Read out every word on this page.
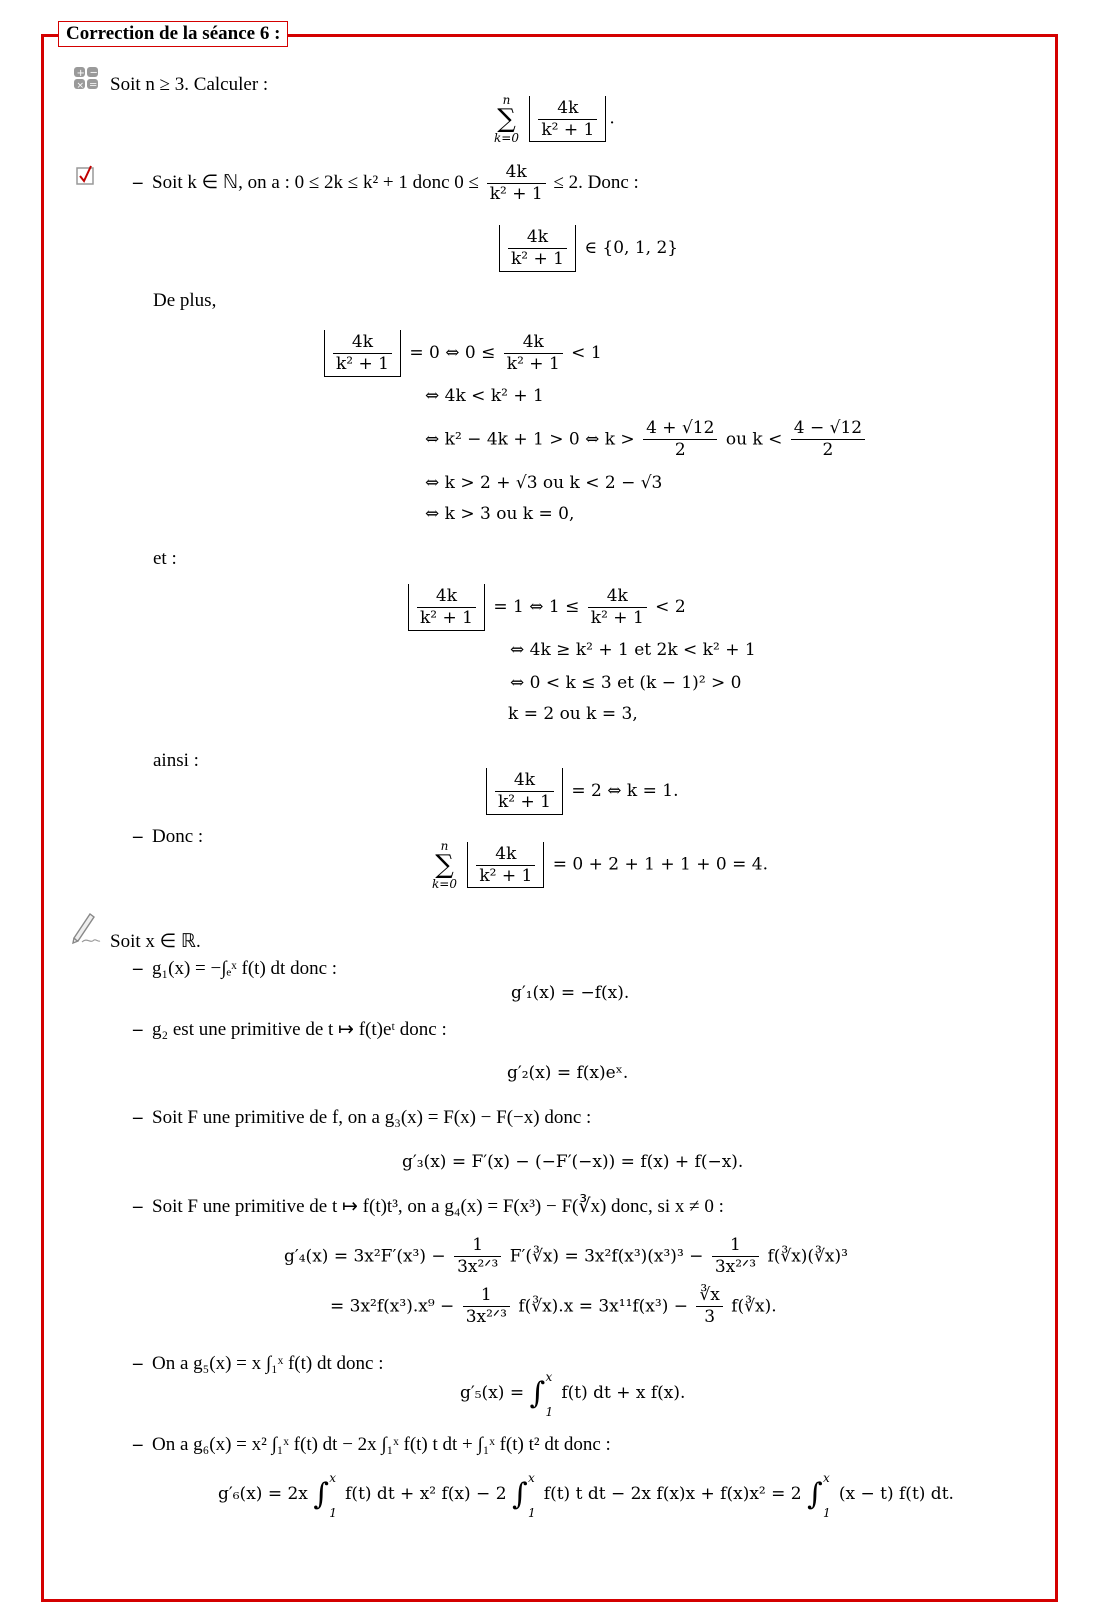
Correction de la séance 6 :
+ −
× = Soit n ≥ 3. Calculer :
n
∑
k=0
$\frac{4k}{\text{k² + 1}}$ .
– Soit k ∈ ℕ, on a : 0 ≤ 2k ≤ k² + 1 donc $0 \le \frac{4k}{\text{k² + 1}} \le 2$. Donc :
$\frac{4k}{\text{k² + 1}}$ ∈ {0, 1, 2}
De plus,
$\frac{4k}{\text{k² + 1}} = 0$ ⇔ $0 \le \frac{4k}{\text{k² + 1}} < 1$
⇔ 4k < k² + 1
⇔ k² − 4k + 1 > 0 ⇔ $k > \frac{4 + √12}{2}$ ou $k < \frac{4 - √12}{2}$
⇔ k > 2 + √3 ou k < 2 − √3
⇔ k > 3 ou k = 0,
et :
$\frac{4k}{\text{k² + 1}} = 1$ ⇔ $1 \le \frac{4k}{\text{k² + 1}} < 2$
⇔ 4k ≥ k² + 1 et 2k < k² + 1
⇔ 0 < k ≤ 3 et (k − 1)² > 0
k = 2 ou k = 3,
ainsi :
$\frac{4k}{\text{k² + 1}} = 2$ ⇔ k = 1.
– Donc :	n
∑
k=0
$\frac{4k}{\text{k² + 1}} = 0 + 2 + 1 + 1 + 0 = 4$.
Soit x ∈ ℝ.
– g₁(x) = −∫ₑˣ f(t) dt donc :
g′₁(x) = −f(x).
– g₂ est une primitive de t ↦ f(t)eᵗ donc :
g′₂(x) = f(x)eˣ.
– Soit F une primitive de f, on a g₃(x) = F(x) − F(−x) donc :
g′₃(x) = F′(x) − (−F′(−x)) = f(x) + f(−x).
– Soit F une primitive de t ↦ f(t)t³, on a g₄(x) = F(x³) − F(∛x) donc, si x ≠ 0 :
$g'_4(x) = 3x^2F'(x^3) - \frac{1}{\text{3x²ᐟ³}}$ F′(∛x) = $3x^2f(x^3)(x^3)^3 - \frac{1}{\text{3x²ᐟ³}}$ f(∛x)(∛x)³
= $3x^2f(x^3).x^9 - \frac{1}{\text{3x²ᐟ³}}$ f(∛x).x = $3x^{11}f(x^3) - \frac{∛x}{3}$ f(∛x).
– On a g₅(x) = x ∫₁ˣ f(t) dt donc :
g′₅(x) = ∫ x
1
f(t) dt + x f(x).
– On a g₆(x) = x² ∫₁ˣ f(t) dt − 2x ∫₁ˣ f(t) t dt + ∫₁ˣ f(t) t² dt donc :
g′₆(x) = 2x ∫ x
1
f(t) dt + x² f(x) − 2 ∫ x
1
f(t) t dt − 2x f(x)x + f(x)x² = 2 ∫ x
1
(x − t) f(t) dt.
